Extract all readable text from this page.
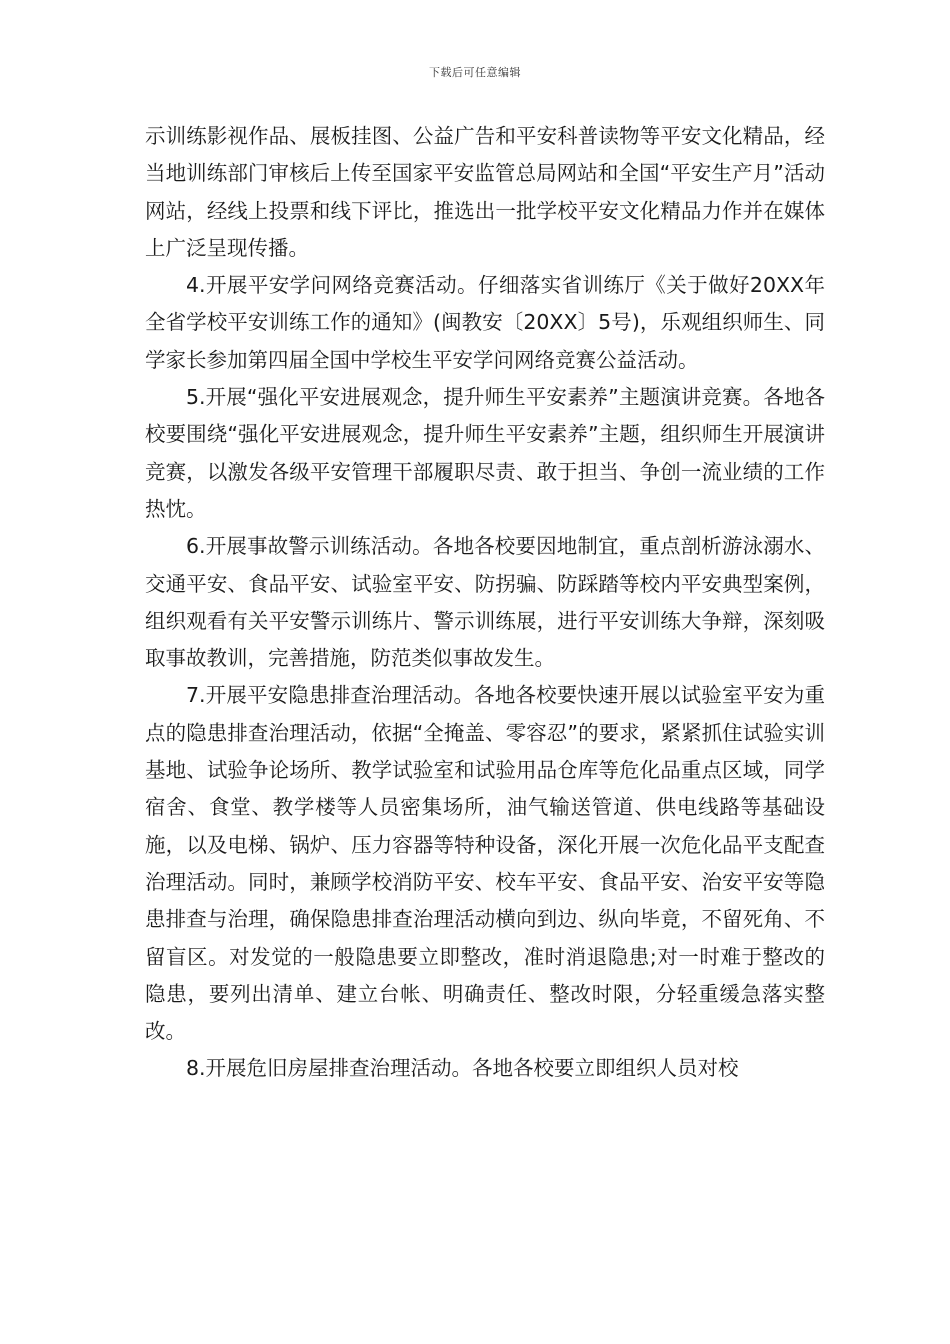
下载后可任意编辑

示训练影视作品、展板挂图、公益广告和平安科普读物等平安文化精品，经当地训练部门审核后上传至国家平安监管总局网站和全国“平安生产月”活动网站，经线上投票和线下评比，推选出一批学校平安文化精品力作并在媒体上广泛呈现传播。

4.开展平安学问网络竞赛活动。仔细落实省训练厅《关于做好20XX年全省学校平安训练工作的通知》(闽教安〔20XX〕5号)，乐观组织师生、同学家长参加第四届全国中学校生平安学问网络竞赛公益活动。

5.开展“强化平安进展观念，提升师生平安素养”主题演讲竞赛。各地各校要围绕“强化平安进展观念，提升师生平安素养”主题，组织师生开展演讲竞赛，以激发各级平安管理干部履职尽责、敢于担当、争创一流业绩的工作热忱。

6.开展事故警示训练活动。各地各校要因地制宜，重点剖析游泳溺水、交通平安、食品平安、试验室平安、防拐骗、防踩踏等校内平安典型案例，组织观看有关平安警示训练片、警示训练展，进行平安训练大争辩，深刻吸取事故教训，完善措施，防范类似事故发生。

7.开展平安隐患排查治理活动。各地各校要快速开展以试验室平安为重点的隐患排查治理活动，依据“全掩盖、零容忍”的要求，紧紧抓住试验实训基地、试验争论场所、教学试验室和试验用品仓库等危化品重点区域，同学宿舍、食堂、教学楼等人员密集场所，油气输送管道、供电线路等基础设施，以及电梯、锅炉、压力容器等特种设备，深化开展一次危化品平支配查治理活动。同时，兼顾学校消防平安、校车平安、食品平安、治安平安等隐患排查与治理，确保隐患排查治理活动横向到边、纵向毕竟，不留死角、不留盲区。对发觉的一般隐患要立即整改，准时消退隐患;对一时难于整改的隐患，要列出清单、建立台帐、明确责任、整改时限，分轻重缓急落实整改。

8.开展危旧房屋排查治理活动。各地各校要立即组织人员对校
